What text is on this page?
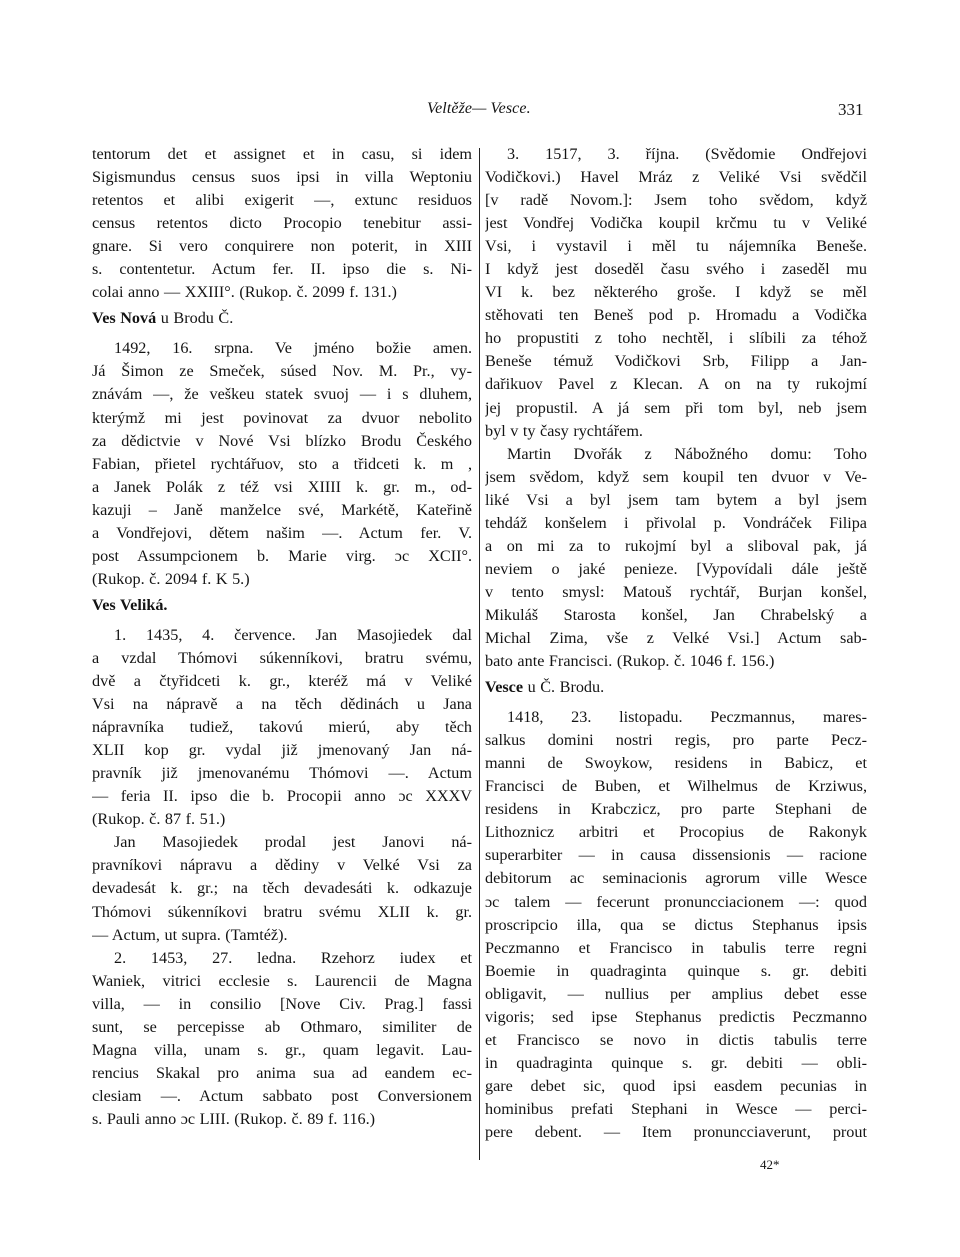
Veltěže— Vesce.	331
tentorum det et assignet et in casu, si idem
Sigismundus census suos ipsi in villa Weptoniu
retentos et alibi exigerit —, extunc residuos
census retentos dicto Procopio tenebitur assi-
gnare. Si vero conquirere non poterit, in XIII
s. contentetur. Actum fer. II. ipso die s. Ni-
colai anno — XXIII°. (Rukop. č. 2099 f. 131.)
Ves Nová u Brodu Č.
1492, 16. srpna. Ve jméno božie amen.
Já Šimon ze Smeček, súsed Nov. M. Pr., vy-
znávám —, že veškeu statek svuoj — i s dluhem,
kterýmž mi jest povinovat za dvuor nebolito
za dědictvie v Nové Vsi blízko Brodu Českého
Fabian, přietel rychtářuov, sto a třidceti k. m ,
a Janek Polák z též vsi XIIII k. gr. m., od-
kazuji – Janě manželce své, Markétě, Kateřině
a Vondřejovi, dětem našim —. Actum fer. V.
post Assumpcionem b. Marie virg. ɔc XCII°.
(Rukop. č. 2094 f. K 5.)
Ves Veliká.
1. 1435, 4. července. Jan Masojiedek dal
a vzdal Thómovi súkenníkovi, bratru svému,
dvě a čtyřidceti k. gr., kteréž má v Veliké
Vsi na nápravě a na těch dědinách u Jana
nápravníka tudiež, takovú mierú, aby těch
XLII kop gr. vydal již jmenovaný Jan ná-
pravník již jmenovanému Thómovi —. Actum
— feria II. ipso die b. Procopii anno ɔc XXXV
(Rukop. č. 87 f. 51.)
Jan Masojiedek prodal jest Janovi ná-
pravníkovi nápravu a dědiny v Velké Vsi za
devadesát k. gr.; na těch devadesáti k. odkazuje
Thómovi súkenníkovi bratru svému XLII k. gr.
— Actum, ut supra. (Tamtéž).
2. 1453, 27. ledna. Rzehorz iudex et
Waniek, vitrici ecclesie s. Laurencii de Magna
villa, — in consilio [Nove Civ. Prag.] fassi
sunt, se percepisse ab Othmaro, similiter de
Magna villa, unam s. gr., quam legavit. Lau-
rencius Skakal pro anima sua ad eandem ec-
clesiam —. Actum sabbato post Conversionem
s. Pauli anno ɔc LIII. (Rukop. č. 89 f. 116.)
3. 1517, 3. října. (Svědomie Ondřejovi
Vodičkovi.) Havel Mráz z Veliké Vsi svědčil
[v radě Novom.]: Jsem toho svědom, když
jest Vondřej Vodička koupil krčmu tu v Veliké
Vsi, i vystavil i měl tu nájemníka Beneše.
I když jest doseděl času svého i zaseděl mu
VI k. bez některého groše. I když se měl
stěhovati ten Beneš pod p. Hromadu a Vodička
ho propustiti z toho nechtěl, i slíbili za téhož
Beneše témuž Vodičkovi Srb, Filipp a Jan-
dařikuov Pavel z Klecan. A on na ty rukojmí
jej propustil. A já sem při tom byl, neb jsem
byl v ty časy rychtářem.
Martin Dvořák z Nábožného domu: Toho
jsem svědom, když sem koupil ten dvuor v Ve-
liké Vsi a byl jsem tam bytem a byl jsem
tehdáž konšelem i přivolal p. Vondráček Filipa
a on mi za to rukojmí byl a sliboval pak, já
neviem o jaké penieze. [Vypovídali dále ještě
v tento smysl: Matouš rychtář, Burjan konšel,
Mikuláš Starosta konšel, Jan Chrabelský a
Michal Zima, vše z Velké Vsi.] Actum sab-
bato ante Francisci. (Rukop. č. 1046 f. 156.)
Vesce u Č. Brodu.
1418, 23. listopadu. Peczmannus, mares-
salkus domini nostri regis, pro parte Pecz-
manni de Swoykow, residens in Babicz, et
Francisci de Buben, et Wilhelmus de Krziwus,
residens in Krabczicz, pro parte Stephani de
Lithoznicz arbitri et Procopius de Rakonyk
superarbiter — in causa dissensionis — racione
debitorum ac seminacionis agrorum ville Wesce
ɔc talem — fecerunt pronuncciacionem —: quod
proscripcio illa, qua se dictus Stephanus ipsis
Peczmanno et Francisco in tabulis terre regni
Boemie in quadraginta quinque s. gr. debiti
obligavit, — nullius per amplius debet esse
vigoris; sed ipse Stephanus predictis Peczmanno
et Francisco se novo in dictis tabulis terre
in quadraginta quinque s. gr. debiti — obli-
gare debet sic, quod ipsi easdem pecunias in
hominibus prefati Stephani in Wesce — perci-
pere debent. — Item pronuncciaverunt, prout
42*
